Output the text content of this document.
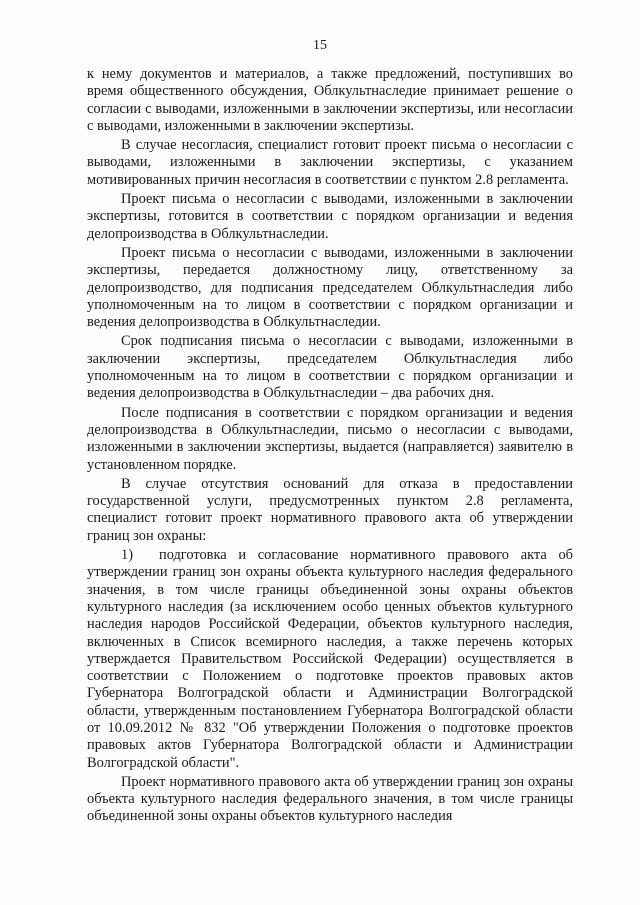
15

к нему документов и материалов, а также предложений, поступивших во время общественного обсуждения, Облкультнаследие принимает решение о согласии с выводами, изложенными в заключении экспертизы, или несогласии с выводами, изложенными в заключении экспертизы.

В случае несогласия, специалист готовит проект письма о несогласии с выводами, изложенными в заключении экспертизы, с указанием мотивированных причин несогласия в соответствии с пунктом 2.8 регламента.

Проект письма о несогласии с выводами, изложенными в заключении экспертизы, готовится в соответствии с порядком организации и ведения делопроизводства в Облкультнаследии.

Проект письма о несогласии с выводами, изложенными в заключении экспертизы, передается должностному лицу, ответственному за делопроизводство, для подписания председателем Облкультнаследия либо уполномоченным на то лицом в соответствии с порядком организации и ведения делопроизводства в Облкультнаследии.

Срок подписания письма о несогласии с выводами, изложенными в заключении экспертизы, председателем Облкультнаследия либо уполномоченным на то лицом в соответствии с порядком организации и ведения делопроизводства в Облкультнаследии – два рабочих дня.

После подписания в соответствии с порядком организации и ведения делопроизводства в Облкультнаследии, письмо о несогласии с выводами, изложенными в заключении экспертизы, выдается (направляется) заявителю в установленном порядке.

В случае отсутствия оснований для отказа в предоставлении государственной услуги, предусмотренных пунктом 2.8 регламента, специалист готовит проект нормативного правового акта об утверждении границ зон охраны:

1) подготовка и согласование нормативного правового акта об утверждении границ зон охраны объекта культурного наследия федерального значения, в том числе границы объединенной зоны охраны объектов культурного наследия (за исключением особо ценных объектов культурного наследия народов Российской Федерации, объектов культурного наследия, включенных в Список всемирного наследия, а также перечень которых утверждается Правительством Российской Федерации) осуществляется в соответствии с Положением о подготовке проектов правовых актов Губернатора Волгоградской области и Администрации Волгоградской области, утвержденным постановлением Губернатора Волгоградской области от 10.09.2012 № 832 "Об утверждении Положения о подготовке проектов правовых актов Губернатора Волгоградской области и Администрации Волгоградской области".

Проект нормативного правового акта об утверждении границ зон охраны объекта культурного наследия федерального значения, в том числе границы объединенной зоны охраны объектов культурного наследия
